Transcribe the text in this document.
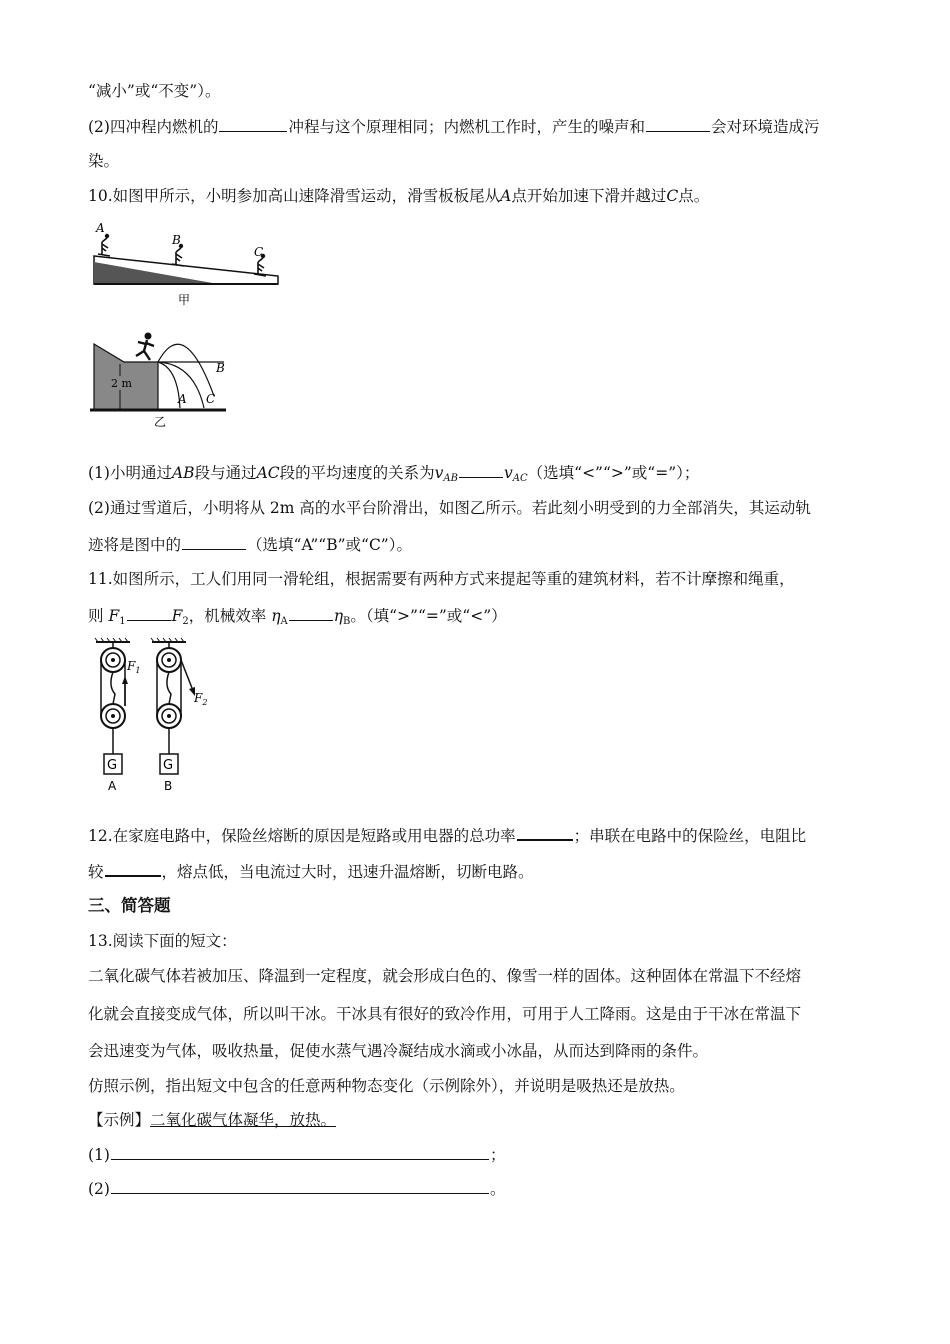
“减小”或“不变”）。
(2)四冲程内燃机的	冲程与这个原理相同；内燃机工作时，产生的噪声和	会对环境造成污
染。
10.如图甲所示，小明参加高山速降滑雪运动，滑雪板板尾从A点开始加速下滑并越过C点。
A
B
C
甲
2 m
B
A C
乙
(1)小明通过AB段与通过AC段的平均速度的关系为$v_{AB}$	$v_{AC}$（选填“<”“>”或“=”）；
(2)通过雪道后，小明将从 2m 高的水平台阶滑出，如图乙所示。若此刻小明受到的力全部消失，其运动轨
迹将是图中的	（选填“A”“B”或“C”）。
11.如图所示，工人们用同一滑轮组，根据需要有两种方式来提起等重的建筑材料，若不计摩擦和绳重，
则 $F_1$	$F_2$，机械效率 $\eta_A$	$\eta_B$。（填“>”“=”或“<”）
$F_1$
G
A
$F_2$
G
B
12.在家庭电路中，保险丝熔断的原因是短路或用电器的总功率	；串联在电路中的保险丝，电阻比
较	，熔点低，当电流过大时，迅速升温熔断，切断电路。
三、简答题
13.阅读下面的短文：
二氧化碳气体若被加压、降温到一定程度，就会形成白色的、像雪一样的固体。这种固体在常温下不经熔
化就会直接变成气体，所以叫干冰。干冰具有很好的致冷作用，可用于人工降雨。这是由于干冰在常温下
会迅速变为气体，吸收热量，促使水蒸气遇冷凝结成水滴或小冰晶，从而达到降雨的条件。
仿照示例，指出短文中包含的任意两种物态变化（示例除外），并说明是吸热还是放热。
【示例】二氧化碳气体凝华，放热。
(1)	；
(2)	。
